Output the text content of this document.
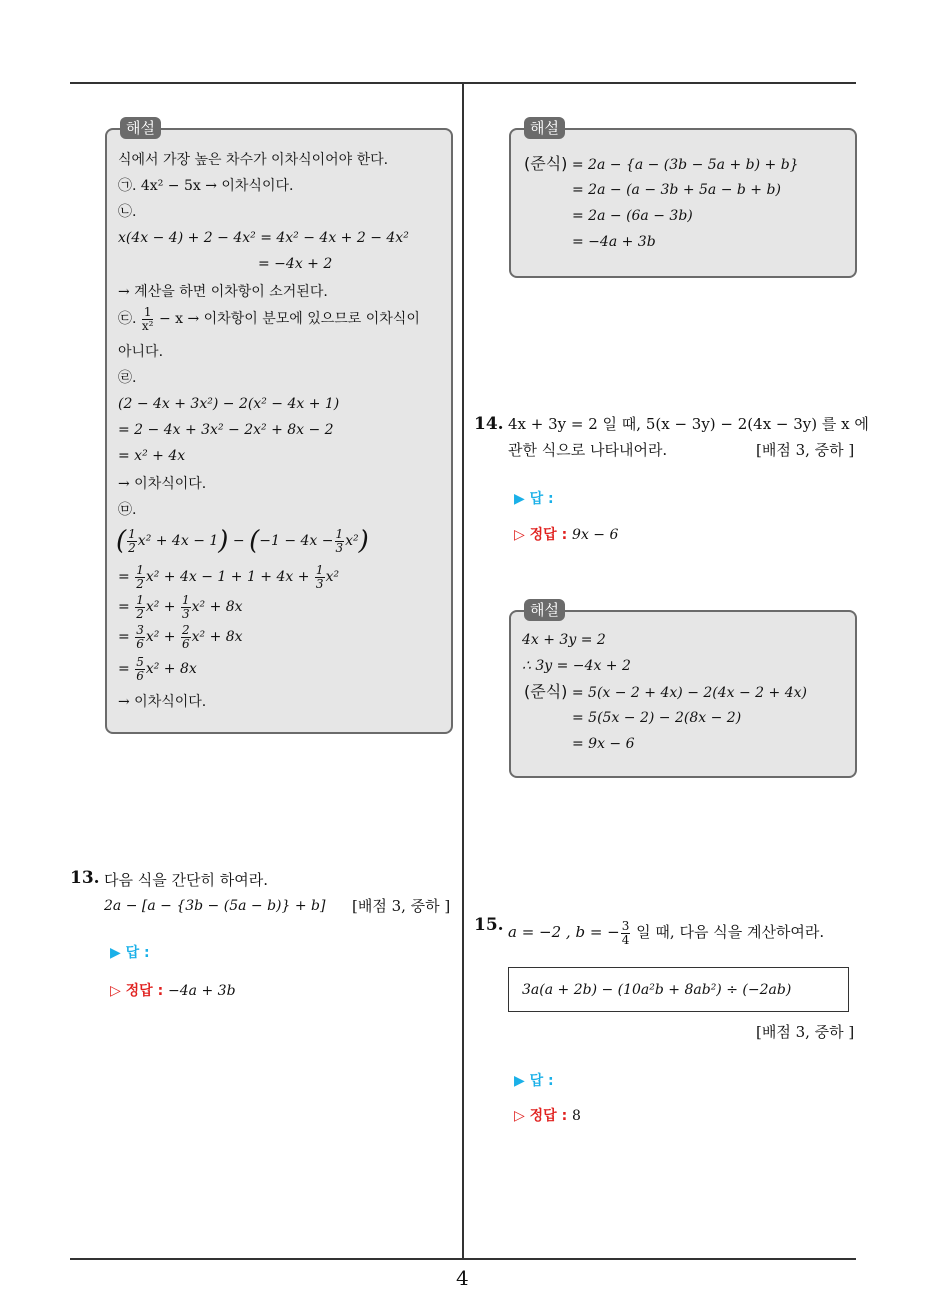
해설
식에서 가장 높은 차수가 이차식이어야 한다.
㉠. 4x² − 5x → 이차식이다.
㉡.
x(4x − 4) + 2 − 4x² = 4x² − 4x + 2 − 4x²
= −4x + 2
→ 계산을 하면 이차항이 소거된다.
㉢. $\frac{1}{\text{x²}} - x$ → 이차항이 분모에 있으므로 이차식이
아니다.
㉣.
(2 − 4x + 3x²) − 2(x² − 4x + 1)
= 2 − 4x + 3x² − 2x² + 8x − 2
= x² + 4x
→ 이차식이다.
㉤.
( $\frac{1}{2} x^2 + 4x - 1) - (-1 - 4x - \frac{1}{3} x^2)$
= $\frac{1}{2} x^2 + 4x - 1 + 1 + 4x + \frac{1}{3} x^2$
= $\frac{1}{2} x^2 + \frac{1}{3} x^2 + 8x$
= $\frac{3}{6} x^2 + \frac{2}{6} x^2 + 8x$
= $\frac{5}{6} x^2 + 8x$
→ 이차식이다.
13. 다음 식을 간단히 하여라.
2a − [a − {3b − (5a − b)} + b] [배점 3, 중하 ]
▶ 답 :
▷ 정답 : −4a + 3b
해설
(준식) = 2a − {a − (3b − 5a + b) + b}
= 2a − (a − 3b + 5a − b + b)
= 2a − (6a − 3b)
= −4a + 3b
14. 4x + 3y = 2 일 때, 5(x − 3y) − 2(4x − 3y) 를 x 에
관한 식으로 나타내어라.	[배점 3, 중하 ]
▶ 답 :
▷ 정답 : 9x − 6
해설
4x + 3y = 2
∴ 3y = −4x + 2
(준식) = 5(x − 2 + 4x) − 2(4x − 2 + 4x)
= 5(5x − 2) − 2(8x − 2)
= 9x − 6
15. a = −2 , b = − $\frac{3}{4}$ 일 때, 다음 식을 계산하여라.
3a(a + 2b) − (10a²b + 8ab²) ÷ (−2ab)
[배점 3, 중하 ]
▶ 답 :
▷ 정답 : 8
4
